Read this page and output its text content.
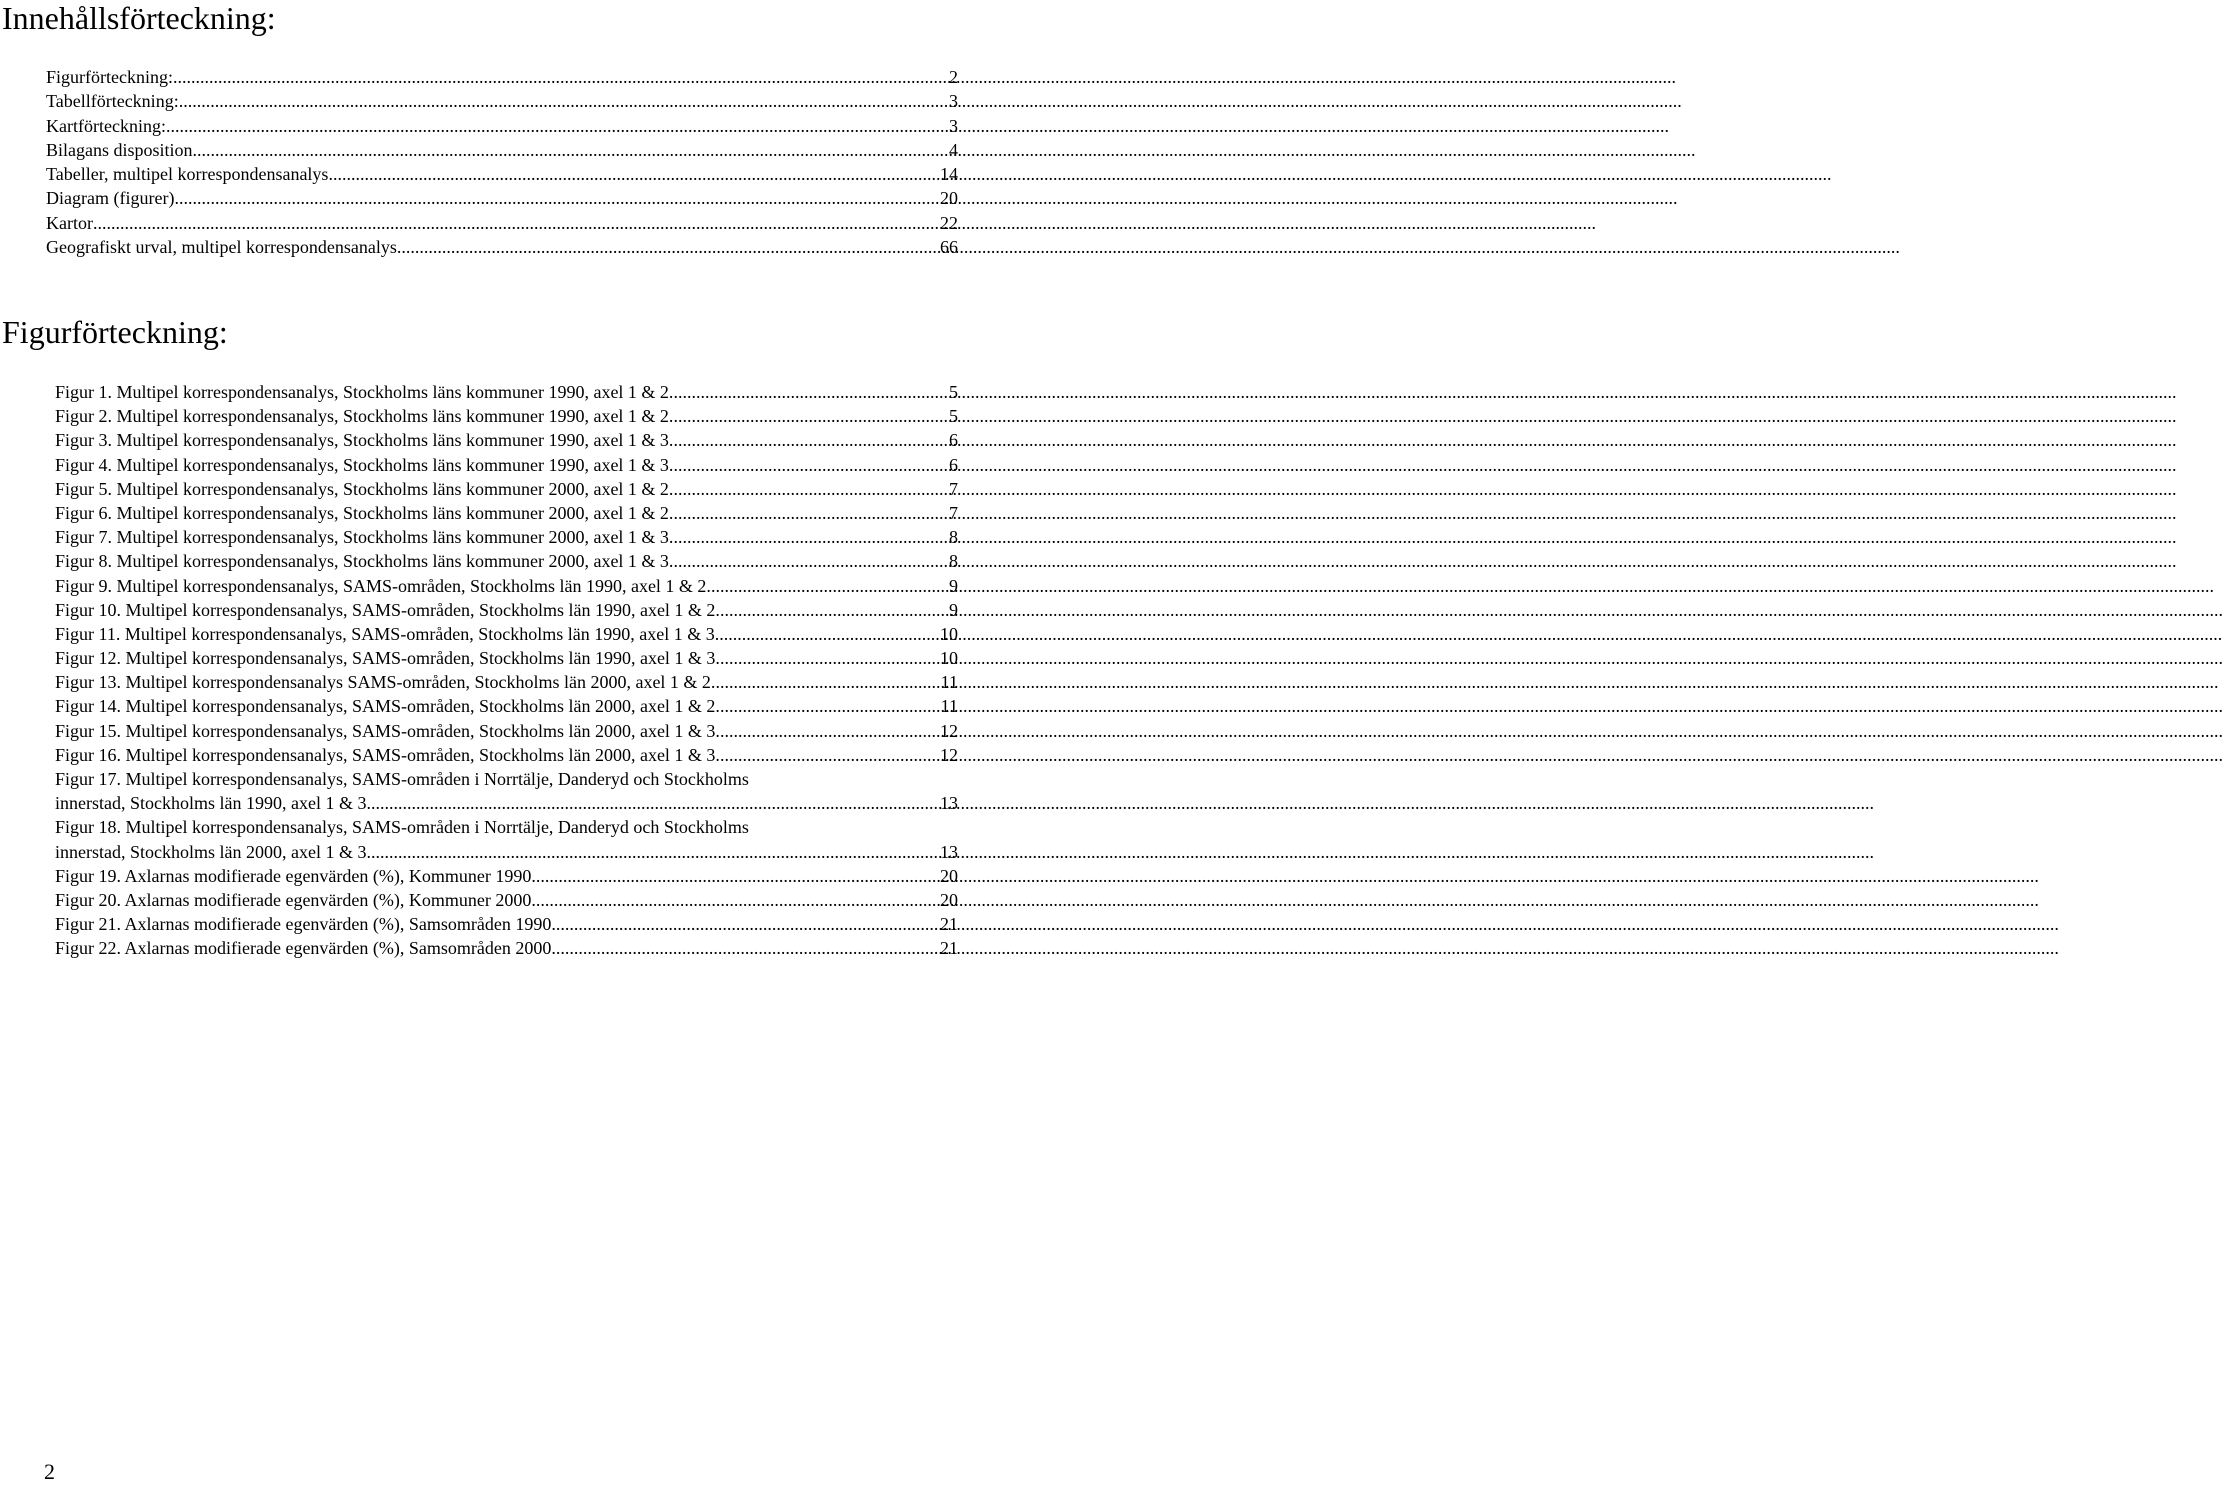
Innehållsförteckning:
Figurförteckning: .....	2
Tabellförteckning: .....	3
Kartförteckning: .....	3
Bilagans disposition .....	4
Tabeller, multipel korrespondensanalys .....	14
Diagram (figurer) .....	20
Kartor .....	22
Geografiskt urval, multipel korrespondensanalys .....	66
Figurförteckning:
Figur 1. Multipel korrespondensanalys, Stockholms läns kommuner 1990, axel 1 & 2. .....	5
Figur 2. Multipel korrespondensanalys, Stockholms läns kommuner 1990, axel 1 & 2. .....	5
Figur 3. Multipel korrespondensanalys, Stockholms läns kommuner 1990, axel 1 & 3. .....	6
Figur 4. Multipel korrespondensanalys, Stockholms läns kommuner 1990, axel 1 & 3. .....	6
Figur 5. Multipel korrespondensanalys, Stockholms läns kommuner 2000, axel 1 & 2. .....	7
Figur 6. Multipel korrespondensanalys, Stockholms läns kommuner 2000, axel 1 & 2. .....	7
Figur 7. Multipel korrespondensanalys, Stockholms läns kommuner 2000, axel 1 & 3. .....	8
Figur 8. Multipel korrespondensanalys, Stockholms läns kommuner 2000, axel 1 & 3. .....	8
Figur 9. Multipel korrespondensanalys, SAMS-områden, Stockholms län 1990, axel 1 & 2. .....	9
Figur 10. Multipel korrespondensanalys, SAMS-områden, Stockholms län 1990, axel 1 & 2. .....	9
Figur 11. Multipel korrespondensanalys, SAMS-områden, Stockholms län 1990, axel 1 & 3. .....	10
Figur 12. Multipel korrespondensanalys, SAMS-områden, Stockholms län 1990, axel 1 & 3. .....	10
Figur 13. Multipel korrespondensanalys SAMS-områden, Stockholms län 2000, axel 1 & 2. .....	11
Figur 14. Multipel korrespondensanalys, SAMS-områden, Stockholms län 2000, axel 1 & 2. .....	11
Figur 15. Multipel korrespondensanalys, SAMS-områden, Stockholms län 2000, axel 1 & 3. .....	12
Figur 16. Multipel korrespondensanalys, SAMS-områden, Stockholms län 2000, axel 1 & 3. .....	12
Figur 17. Multipel korrespondensanalys, SAMS-områden i Norrtälje, Danderyd och Stockholms
innerstad, Stockholms län 1990, axel 1 & 3. .....	13
Figur 18. Multipel korrespondensanalys, SAMS-områden i Norrtälje, Danderyd och Stockholms
innerstad, Stockholms län 2000, axel 1 & 3. .....	13
Figur 19. Axlarnas modifierade egenvärden (%), Kommuner 1990. .....	20
Figur 20. Axlarnas modifierade egenvärden (%), Kommuner 2000. .....	20
Figur 21. Axlarnas modifierade egenvärden (%), Samsområden 1990. .....	21
Figur 22. Axlarnas modifierade egenvärden (%), Samsområden 2000. .....	21
2
